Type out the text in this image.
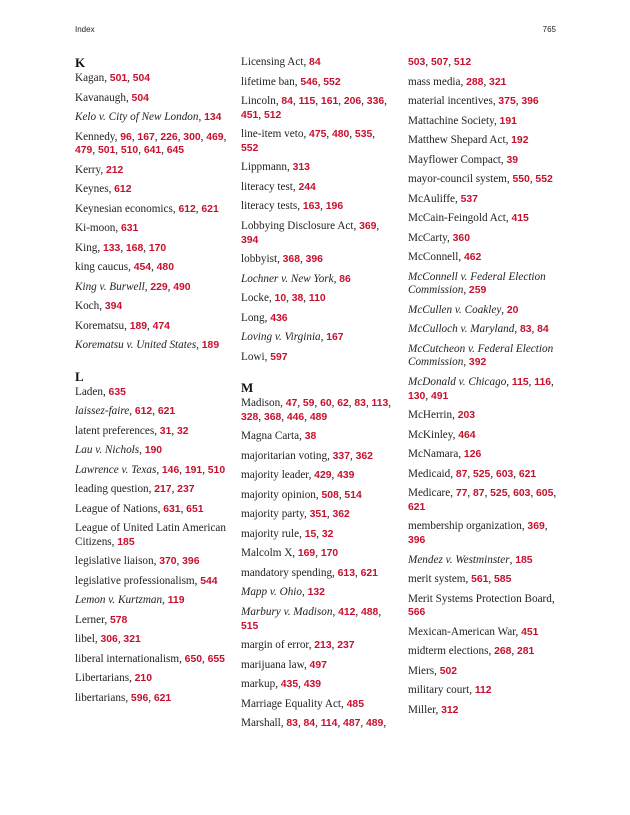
Index	765
K
Kagan, 501, 504
Kavanaugh, 504
Kelo v. City of New London, 134
Kennedy, 96, 167, 226, 300, 469, 479, 501, 510, 641, 645
Kerry, 212
Keynes, 612
Keynesian economics, 612, 621
Ki-moon, 631
King, 133, 168, 170
king caucus, 454, 480
King v. Burwell, 229, 490
Koch, 394
Korematsu, 189, 474
Korematsu v. United States, 189
L
Laden, 635
laissez-faire, 612, 621
latent preferences, 31, 32
Lau v. Nichols, 190
Lawrence v. Texas, 146, 191, 510
leading question, 217, 237
League of Nations, 631, 651
League of United Latin American Citizens, 185
legislative liaison, 370, 396
legislative professionalism, 544
Lemon v. Kurtzman, 119
Lerner, 578
libel, 306, 321
liberal internationalism, 650, 655
Libertarians, 210
libertarians, 596, 621
Licensing Act, 84
lifetime ban, 546, 552
Lincoln, 84, 115, 161, 206, 336, 451, 512
line-item veto, 475, 480, 535, 552
Lippmann, 313
literacy test, 244
literacy tests, 163, 196
Lobbying Disclosure Act, 369, 394
lobbyist, 368, 396
Lochner v. New York, 86
Locke, 10, 38, 110
Long, 436
Loving v. Virginia, 167
Lowi, 597
M
Madison, 47, 59, 60, 62, 83, 113, 328, 368, 446, 489
Magna Carta, 38
majoritarian voting, 337, 362
majority leader, 429, 439
majority opinion, 508, 514
majority party, 351, 362
majority rule, 15, 32
Malcolm X, 169, 170
mandatory spending, 613, 621
Mapp v. Ohio, 132
Marbury v. Madison, 412, 488, 515
margin of error, 213, 237
marijuana law, 497
markup, 435, 439
Marriage Equality Act, 485
Marshall, 83, 84, 114, 487, 489,
503, 507, 512
mass media, 288, 321
material incentives, 375, 396
Mattachine Society, 191
Matthew Shepard Act, 192
Mayflower Compact, 39
mayor-council system, 550, 552
McAuliffe, 537
McCain-Feingold Act, 415
McCarty, 360
McConnell, 462
McConnell v. Federal Election Commission, 259
McCullen v. Coakley, 20
McCulloch v. Maryland, 83, 84
McCutcheon v. Federal Election Commission, 392
McDonald v. Chicago, 115, 116, 130, 491
McHerrin, 203
McKinley, 464
McNamara, 126
Medicaid, 87, 525, 603, 621
Medicare, 77, 87, 525, 603, 605, 621
membership organization, 369, 396
Mendez v. Westminster, 185
merit system, 561, 585
Merit Systems Protection Board, 566
Mexican-American War, 451
midterm elections, 268, 281
Miers, 502
military court, 112
Miller, 312
